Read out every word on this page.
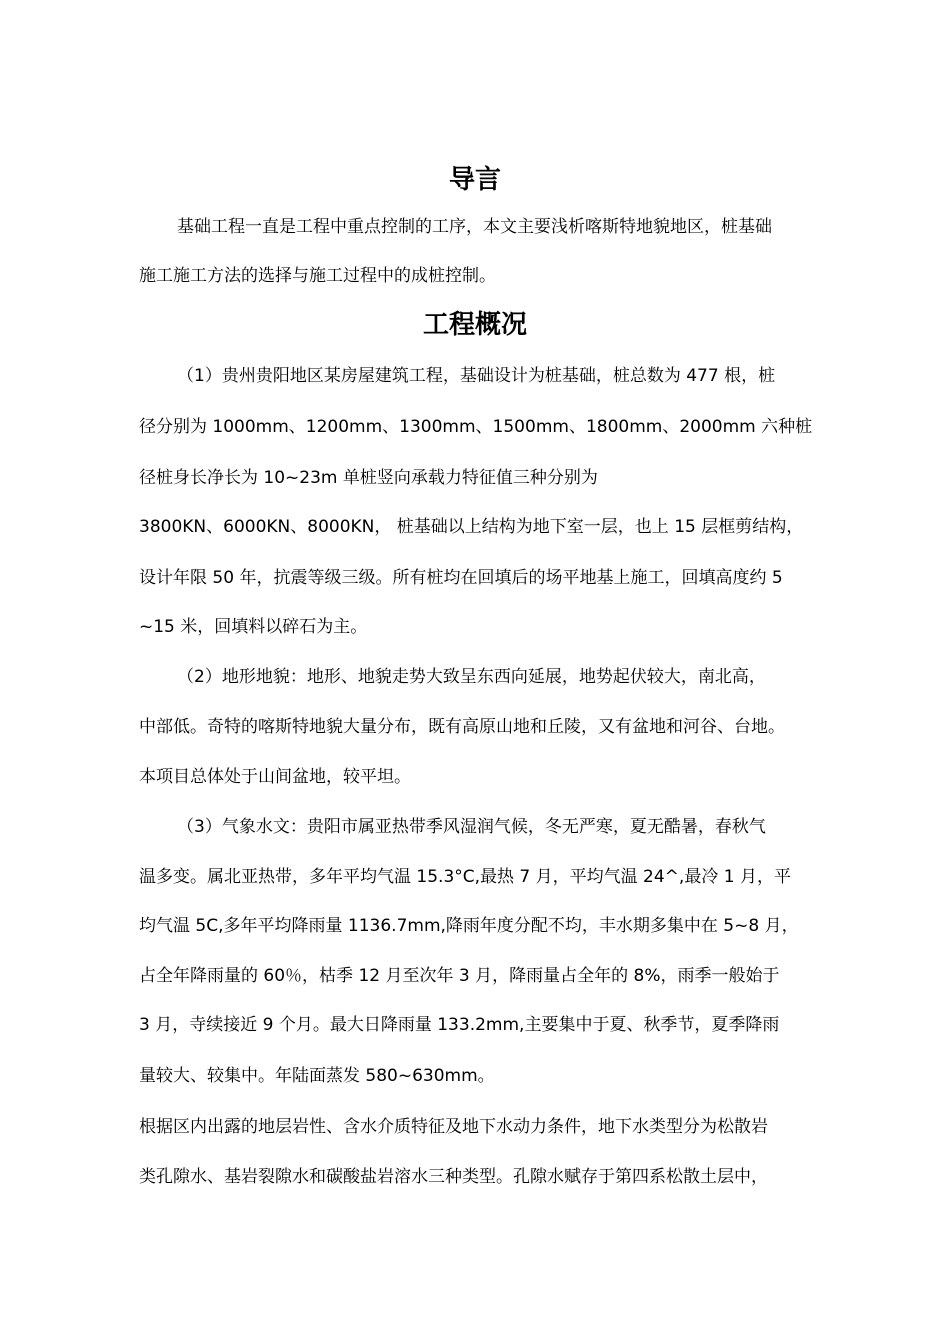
导言

基础工程一直是工程中重点控制的工序，本文主要浅析喀斯特地貌地区，桩基础

施工施工方法的选择与施工过程中的成桩控制。

工程概况

（1）贵州贵阳地区某房屋建筑工程，基础设计为桩基础，桩总数为 477 根，桩

径分别为 1000mm、1200mm、1300mm、1500mm、1800mm、2000mm 六种桩

径桩身长净长为 10~23m 单桩竖向承载力特征值三种分别为

3800KN、6000KN、8000KN， 桩基础以上结构为地下室一层，也上 15 层框剪结构，

设计年限 50 年，抗震等级三级。所有桩均在回填后的场平地基上施工，回填高度约 5

~15 米，回填料以碎石为主。

（2）地形地貌：地形、地貌走势大致呈东西向延展，地势起伏较大，南北高，

中部低。奇特的喀斯特地貌大量分布，既有高原山地和丘陵，又有盆地和河谷、台地。

本项目总体处于山间盆地，较平坦。

（3）气象水文：贵阳市属亚热带季风湿润气候，冬无严寒，夏无酷暑，春秋气

温多变。属北亚热带，多年平均气温 15.3°C,最热 7 月，平均气温 24^,最冷 1 月，平

均气温 5C,多年平均降雨量 1136.7mm,降雨年度分配不均，丰水期多集中在 5~8 月，

占全年降雨量的 60％，枯季 12 月至次年 3 月，降雨量占全年的 8%，雨季一般始于

3 月，寺续接近 9 个月。最大日降雨量 133.2mm,主要集中于夏、秋季节，夏季降雨

量较大、较集中。年陆面蒸发 580~630mm。

根据区内出露的地层岩性、含水介质特征及地下水动力条件，地下水类型分为松散岩

类孔隙水、基岩裂隙水和碳酸盐岩溶水三种类型。孔隙水赋存于第四系松散土层中，
